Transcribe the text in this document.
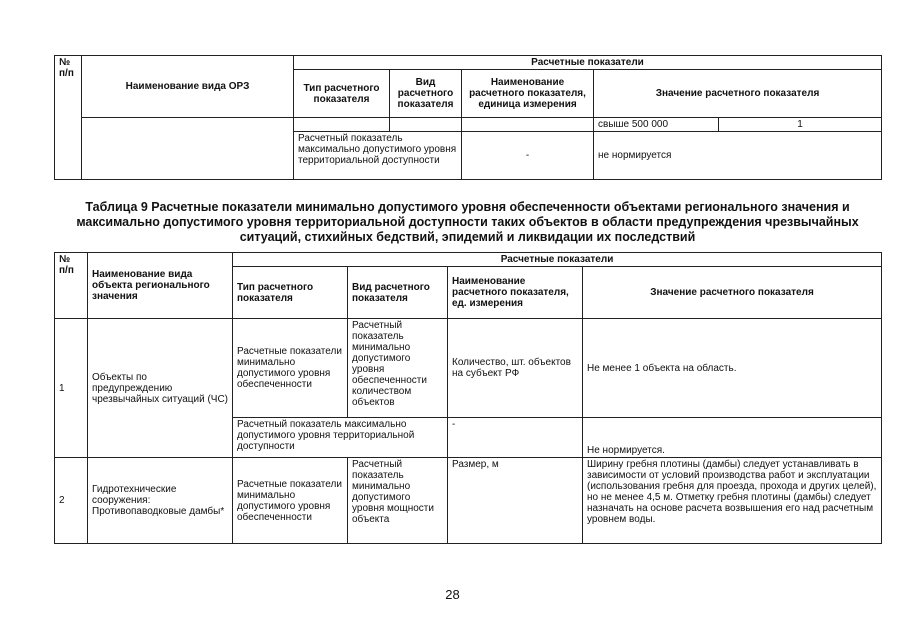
№
п/п	Наименование вида ОРЗ	Расчетные показатели				
		Тип расчетного показателя	Вид расчетного показателя	Наименование расчетного показателя, единица измерения	Значение расчетного показателя	
					свыше 500 000	1
		Расчетный показатель максимально допустимого уровня территориальной доступности		-	не нормируется	
Таблица 9 Расчетные показатели минимально допустимого уровня обеспеченности объектами регионального значения и максимально допустимого уровня территориальной доступности таких объектов в области предупреждения чрезвычайных ситуаций, стихийных бедствий, эпидемий и ликвидации их последствий
№
п/п	Наименование вида объекта регионального значения	Расчетные показатели			
		Тип расчетного показателя	Вид расчетного показателя	Наименование расчетного показателя, ед. измерения	Значение расчетного показателя
1	Объекты по предупреждению чрезвычайных ситуаций (ЧС)	Расчетные показатели минимально допустимого уровня обеспеченности	Расчетный показатель минимально допустимого уровня обеспеченности количеством объектов	Количество, шт. объектов на субъект РФ	Не менее 1 объекта на область.
		Расчетный показатель максимально допустимого уровня территориальной доступности		-	Не нормируется.
2	Гидротехнические сооружения: Противопаводковые дамбы*	Расчетные показатели минимально допустимого уровня обеспеченности	Расчетный показатель минимально допустимого уровня мощности объекта	Размер, м	Ширину гребня плотины (дамбы) следует устанавливать в зависимости от условий производства работ и эксплуатации (использования гребня для проезда, прохода и других целей), но не менее 4,5 м. Отметку гребня плотины (дамбы) следует назначать на основе расчета возвышения его над расчетным уровнем воды.
28
